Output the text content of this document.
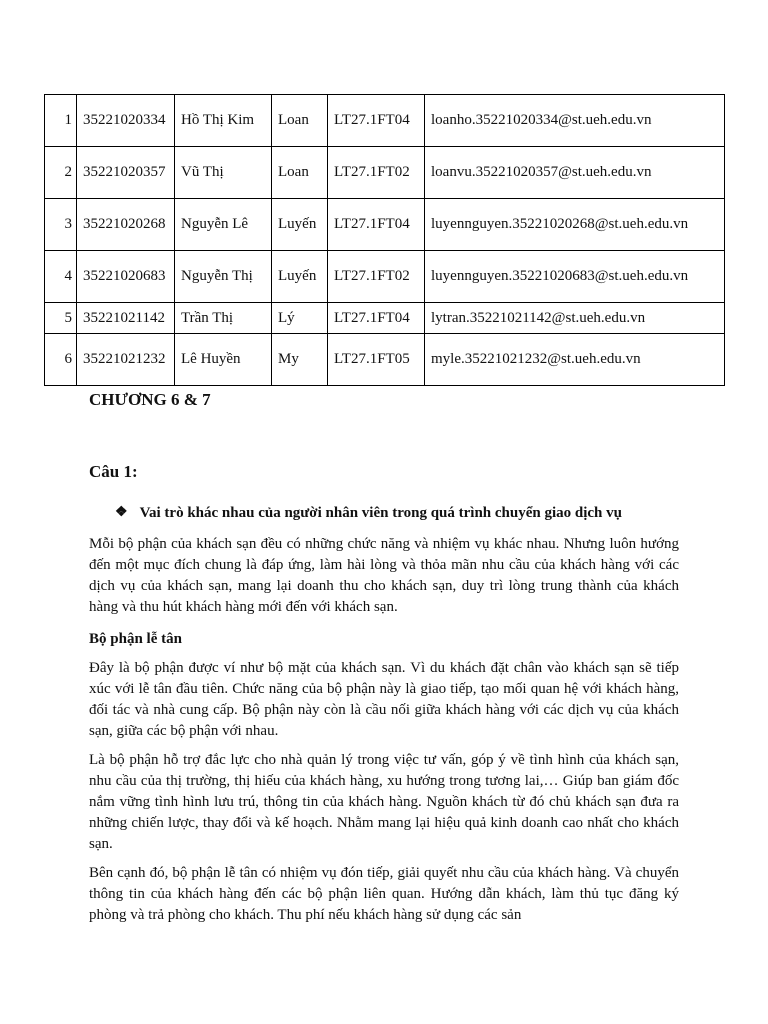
1	35221020334	Hồ Thị Kim	Loan	LT27.1FT04	loanho.35221020334@st.ueh.edu.vn
2	35221020357	Vũ Thị	Loan	LT27.1FT02	loanvu.35221020357@st.ueh.edu.vn
3	35221020268	Nguyễn Lê	Luyến	LT27.1FT04	luyennguyen.35221020268@st.ueh.edu.vn
4	35221020683	Nguyễn Thị	Luyến	LT27.1FT02	luyennguyen.35221020683@st.ueh.edu.vn
5	35221021142	Trần Thị	Lý	LT27.1FT04	lytran.35221021142@st.ueh.edu.vn
6	35221021232	Lê Huyền	My	LT27.1FT05	myle.35221021232@st.ueh.edu.vn
CHƯƠNG 6 & 7
Câu 1:
❖ Vai trò khác nhau của người nhân viên trong quá trình chuyển giao dịch vụ

Mỗi bộ phận của khách sạn đều có những chức năng và nhiệm vụ khác nhau. Nhưng luôn hướng đến một mục đích chung là đáp ứng, làm hài lòng và thỏa mãn nhu cầu của khách hàng với các dịch vụ của khách sạn, mang lại doanh thu cho khách sạn, duy trì lòng trung thành của khách hàng và thu hút khách hàng mới đến với khách sạn.

Bộ phận lễ tân

Đây là bộ phận được ví như bộ mặt của khách sạn. Vì du khách đặt chân vào khách sạn sẽ tiếp xúc với lễ tân đầu tiên. Chức năng của bộ phận này là giao tiếp, tạo mối quan hệ với khách hàng, đối tác và nhà cung cấp. Bộ phận này còn là cầu nối giữa khách hàng với các dịch vụ của khách sạn, giữa các bộ phận với nhau.

Là bộ phận hỗ trợ đắc lực cho nhà quản lý trong việc tư vấn, góp ý về tình hình của khách sạn, nhu cầu của thị trường, thị hiếu của khách hàng, xu hướng trong tương lai,… Giúp ban giám đốc nắm vững tình hình lưu trú, thông tin của khách hàng. Nguồn khách từ đó chủ khách sạn đưa ra những chiến lược, thay đổi và kế hoạch. Nhằm mang lại hiệu quả kinh doanh cao nhất cho khách sạn.

Bên cạnh đó, bộ phận lễ tân có nhiệm vụ đón tiếp, giải quyết nhu cầu của khách hàng. Và chuyển thông tin của khách hàng đến các bộ phận liên quan. Hướng dẫn khách, làm thủ tục đăng ký phòng và trả phòng cho khách. Thu phí nếu khách hàng sử dụng các sản
